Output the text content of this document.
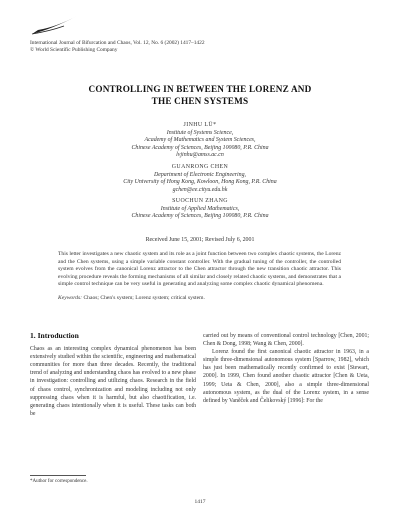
International Journal of Bifurcation and Chaos, Vol. 12, No. 6 (2002) 1417–1422
© World Scientific Publishing Company
CONTROLLING IN BETWEEN THE LORENZ AND
THE CHEN SYSTEMS
JINHU LÜ*
Institute of Systems Science,
Academy of Mathematics and System Sciences,
Chinese Academy of Sciences, Beijing 100080, P.R. China
lvjinhu@amss.ac.cn
GUANRONG CHEN
Department of Electronic Engineering,
City University of Hong Kong, Kowloon, Hong Kong, P.R. China
gchen@ee.cityu.edu.hk
SUOCHUN ZHANG
Institute of Applied Mathematics,
Chinese Academy of Sciences, Beijing 100080, P.R. China
Received June 15, 2001; Revised July 6, 2001

This letter investigates a new chaotic system and its role as a joint function between two complex chaotic systems, the Lorenz and the Chen systems, using a simple variable constant controller. With the gradual tuning of the controller, the controlled system evolves from the canonical Lorenz attractor to the Chen attractor through the new transition chaotic attractor. This evolving procedure reveals the forming mechanisms of all similar and closely related chaotic systems, and demonstrates that a simple control technique can be very useful in generating and analyzing some complex chaotic dynamical phenomena.

Keywords: Chaos; Chen's system; Lorenz system; critical system.
1. Introduction

Chaos as an interesting complex dynamical phenomenon has been extensively studied within the scientific, engineering and mathematical communities for more than three decades. Recently, the traditional trend of analyzing and understanding chaos has evolved to a new phase in investigation: controlling and utilizing chaos. Research in the field of chaos control, synchronization and modeling including not only suppressing chaos when it is harmful, but also chaotification, i.e. generating chaos intentionally when it is useful. These tasks can both be

carried out by means of conventional control technology [Chen, 2001; Chen & Dong, 1998; Wang & Chen, 2000].

Lorenz found the first canonical chaotic attractor in 1963, in a simple three-dimensional autonomous system [Sparrow, 1982], which has just been mathematically recently confirmed to exist [Stewart, 2000]. In 1999, Chen found another chaotic attractor [Chen & Ueta, 1999; Ueta & Chen, 2000], also a simple three-dimensional autonomous system, as the dual of the Lorenz system, in a sense defined by Vaněček and Čelikovský [1996]: For the

*Author for correspondence.
1417
